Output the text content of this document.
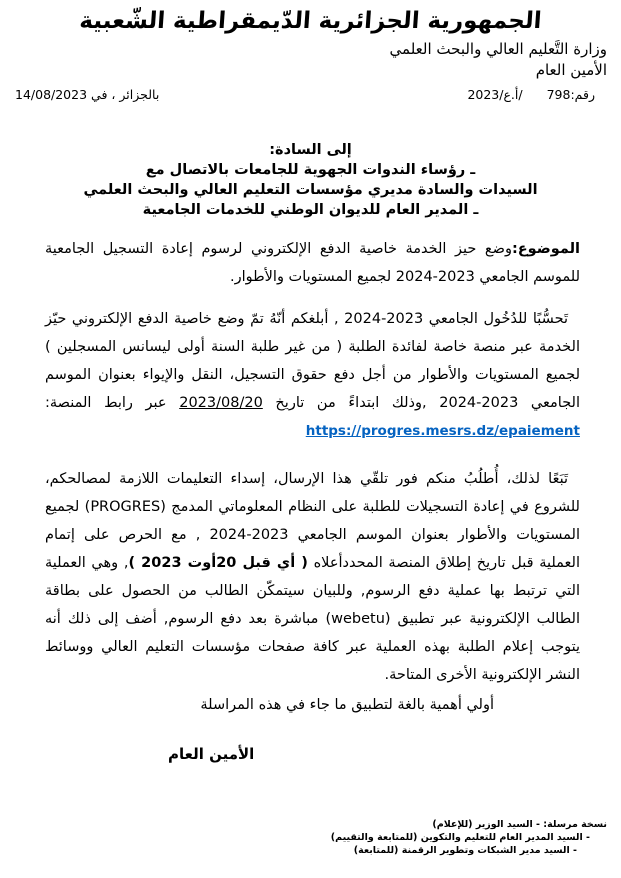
الجمهورية الجزائرية الدّيمقراطية الشّعبية
وزارة التَّعليم العالي والبحث العلمي
الأمين العام
رقم:798/أ.ع/2023
بالجزائر ، في 14/08/2023
إلى السادة:
ـ رؤساء الندوات الجهوية للجامعات بالاتصال مع
السيدات والسادة مديري مؤسسات التعليم العالي والبحث العلمي
ـ المدير العام للديوان الوطني للخدمات الجامعية
الموضوع:وضع حيز الخدمة خاصية الدفع الإلكتروني لرسوم إعادة التسجيل الجامعية للموسم الجامعي 2023-2024 لجميع المستويات والأطوار.
تَحسُّبًا للدُخُول الجامعي 2023-2024 , أبلغكم أنّهُ تمّ وضع خاصية الدفع الإلكتروني حيّز الخدمة عبر منصة خاصة لفائدة الطلبة ( من غير طلبة السنة أولى ليسانس المسجلين ) لجميع المستويات والأطوار من أجل دفع حقوق التسجيل، النقل والإيواء بعنوان الموسم الجامعي 2023-2024 ,وذلك ابتداءً من تاريخ 2023/08/20 عبر رابط المنصة: https://progres.mesrs.dz/epaiement
تَبَعًا لذلك، أُطلُبُ منكم فور تلقّي هذا الإرسال، إسداء التعليمات اللازمة لمصالحكم، للشروع في إعادة التسجيلات للطلبة على النظام المعلوماتي المدمج (PROGRES) لجميع المستويات والأطوار بعنوان الموسم الجامعي 2023-2024 , مع الحرص على إتمام العملية قبل تاريخ إطلاق المنصة المحددأعلاه ( أي قبل 20أوت 2023 ), وهي العملية التي ترتبط بها عملية دفع الرسوم, وللبيان سيتمكّن الطالب من الحصول على بطاقة الطالب الإلكترونية عبر تطبيق (webetu) مباشرة بعد دفع الرسوم, أضف إلى ذلك أنه يتوجب إعلام الطلبة بهذه العملية عبر كافة صفحات مؤسسات التعليم العالي ووسائط النشر الإلكترونية الأخرى المتاحة.
أولي أهمية بالغة لتطبيق ما جاء في هذه المراسلة
الأمين العام
نسخة مرسلة: - السيد الوزير (للإعلام)
- السيد المدير العام للتعليم والتكوين (للمتابعة والتقييم)
- السيد مدير الشبكات وتطوير الرقمنة (للمتابعة)
